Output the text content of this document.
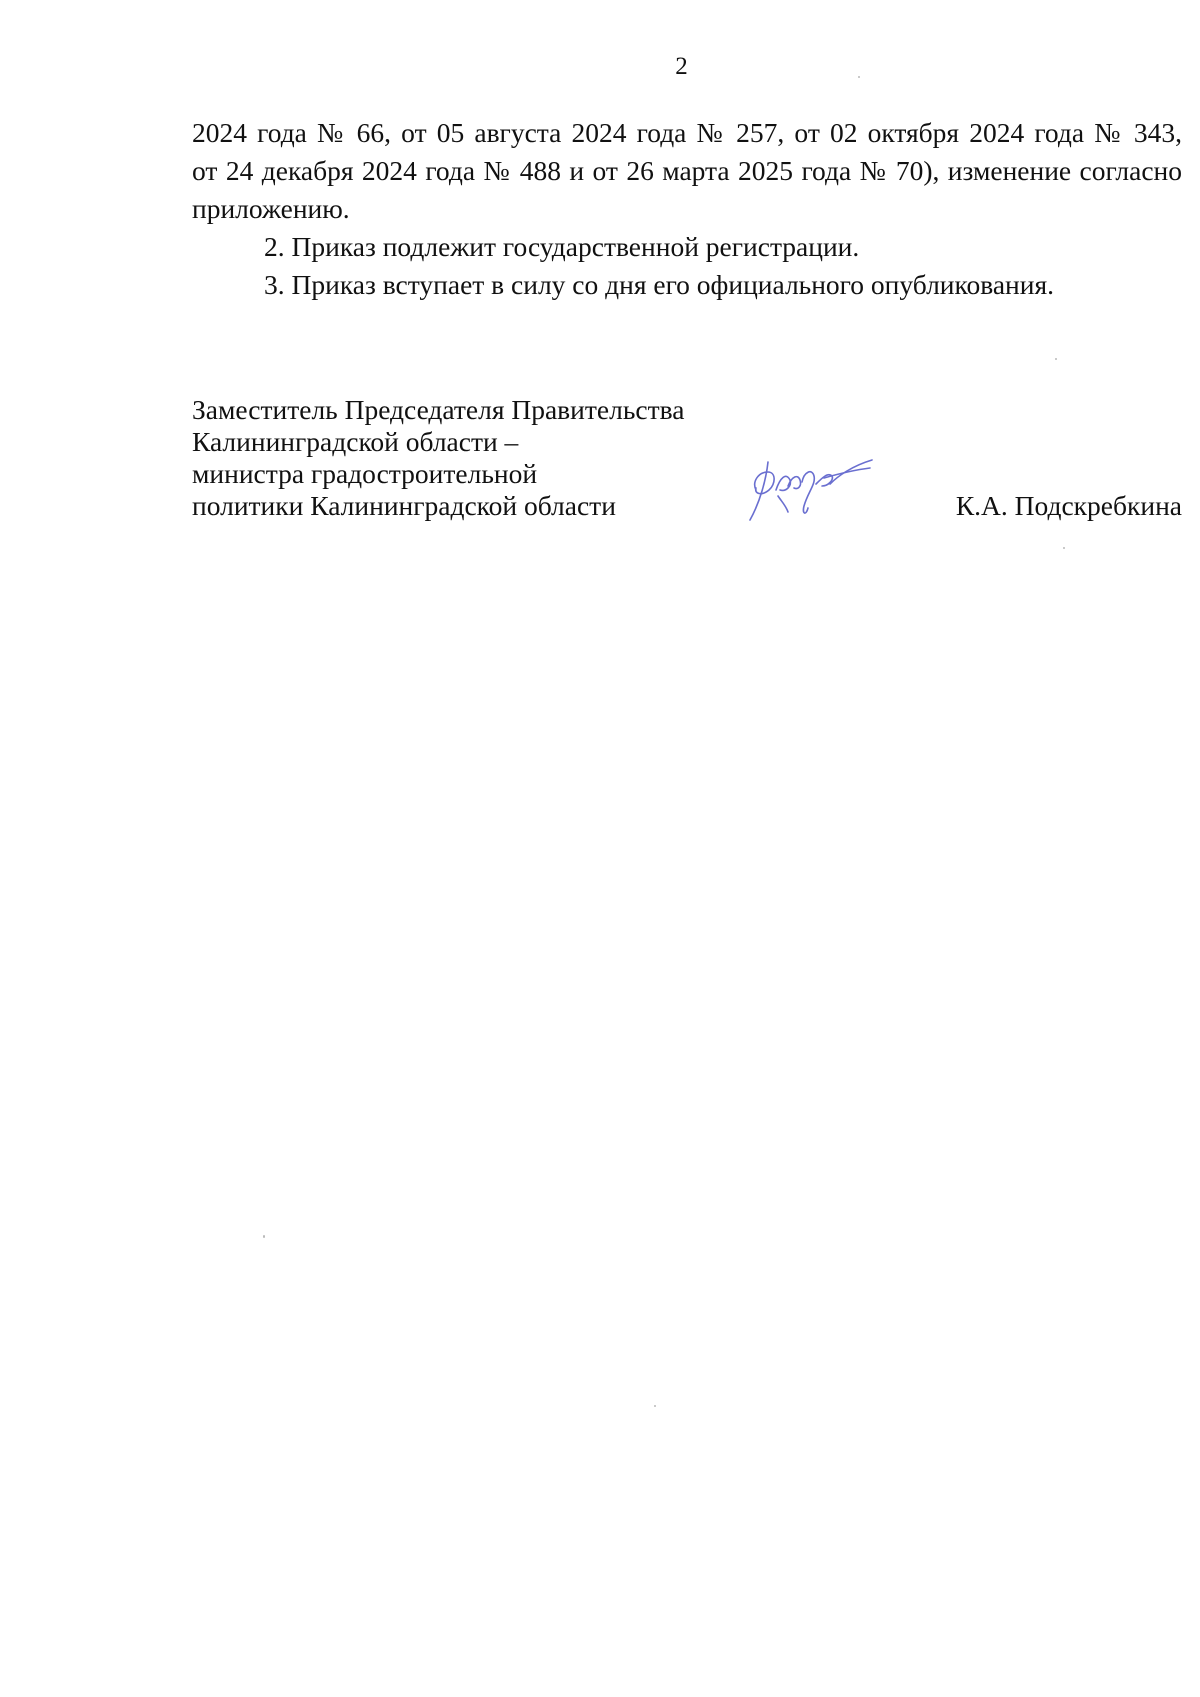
2

2024 года № 66, от 05 августа 2024 года № 257, от 02 октября 2024 года № 343,
от 24 декабря 2024 года № 488 и от 26 марта 2025 года № 70), изменение согласно
приложению.

2. Приказ подлежит государственной регистрации.

3. Приказ вступает в силу со дня его официального опубликования.

Заместитель Председателя Правительства
Калининградской области –
министра градостроительной
политики Калининградской области	К.А. Подскребкина
